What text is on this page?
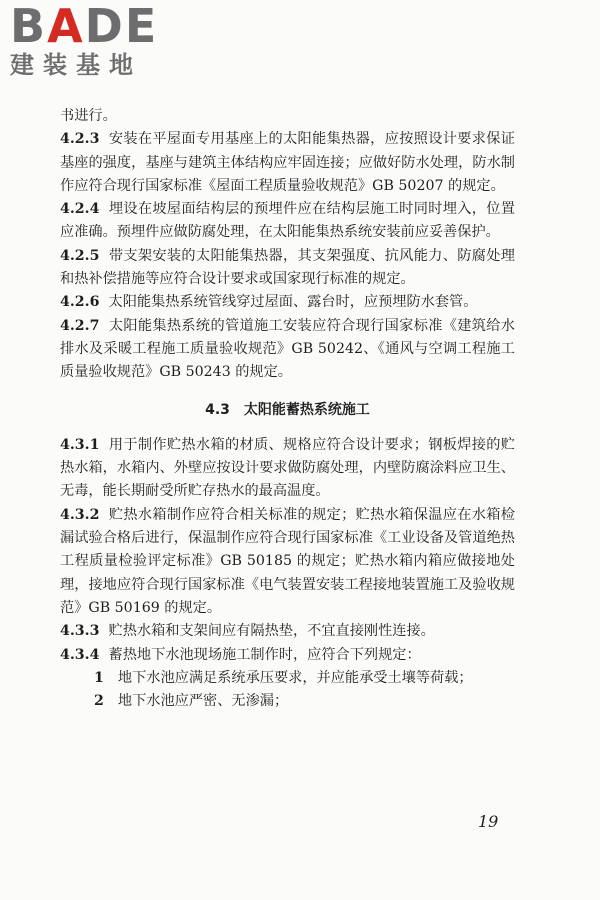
BADE
建装基地

书进行。

4.2.3 安装在平屋面专用基座上的太阳能集热器，应按照设计要求保证基座的强度，基座与建筑主体结构应牢固连接；应做好防水处理，防水制作应符合现行国家标准《屋面工程质量验收规范》GB 50207 的规定。

4.2.4 埋设在坡屋面结构层的预埋件应在结构层施工时同时埋入，位置应准确。预埋件应做防腐处理，在太阳能集热系统安装前应妥善保护。

4.2.5 带支架安装的太阳能集热器，其支架强度、抗风能力、防腐处理和热补偿措施等应符合设计要求或国家现行标准的规定。

4.2.6 太阳能集热系统管线穿过屋面、露台时，应预埋防水套管。

4.2.7 太阳能集热系统的管道施工安装应符合现行国家标准《建筑给水排水及采暖工程施工质量验收规范》GB 50242、《通风与空调工程施工质量验收规范》GB 50243 的规定。

4.3 太阳能蓄热系统施工

4.3.1 用于制作贮热水箱的材质、规格应符合设计要求；钢板焊接的贮热水箱，水箱内、外壁应按设计要求做防腐处理，内壁防腐涂料应卫生、无毒，能长期耐受所贮存热水的最高温度。

4.3.2 贮热水箱制作应符合相关标准的规定；贮热水箱保温应在水箱检漏试验合格后进行，保温制作应符合现行国家标准《工业设备及管道绝热工程质量检验评定标准》GB 50185 的规定；贮热水箱内箱应做接地处理，接地应符合现行国家标准《电气装置安装工程接地装置施工及验收规范》GB 50169 的规定。

4.3.3 贮热水箱和支架间应有隔热垫，不宜直接刚性连接。

4.3.4 蓄热地下水池现场施工制作时，应符合下列规定：

1 地下水池应满足系统承压要求，并应能承受土壤等荷载；

2 地下水池应严密、无渗漏；

19
